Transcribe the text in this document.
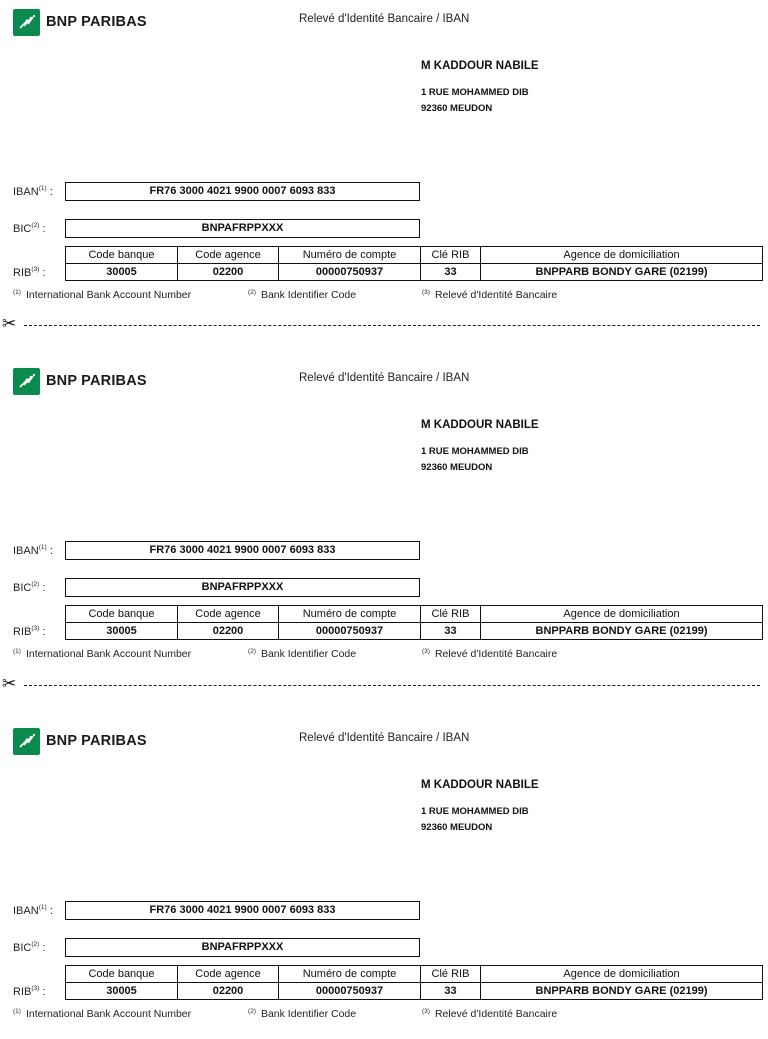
BNP PARIBAS	Relevé d'Identité Bancaire / IBAN
M KADDOUR NABILE
1 RUE MOHAMMED DIB
92360 MEUDON
IBAN$^{(1)}$ :	FR76 3000 4021 9900 0007 6093 833
BIC$^{(2)}$ :	BNPAFRPPXXX
RIB$^{(3)}$ :
Code banque	Code agence	Numéro de compte	Clé RIB	Agence de domiciliation
30005	02200	00000750937	33	BNPPARB BONDY GARE (02199)
$^{(1)}$ International Bank Account Number	$^{(2)}$ Bank Identifier Code	$^{(3)}$ Relevé d'Identité Bancaire
✂
BNP PARIBAS	Relevé d'Identité Bancaire / IBAN
M KADDOUR NABILE
1 RUE MOHAMMED DIB
92360 MEUDON
IBAN$^{(1)}$ :	FR76 3000 4021 9900 0007 6093 833
BIC$^{(2)}$ :	BNPAFRPPXXX
RIB$^{(3)}$ :
Code banque	Code agence	Numéro de compte	Clé RIB	Agence de domiciliation
30005	02200	00000750937	33	BNPPARB BONDY GARE (02199)
$^{(1)}$ International Bank Account Number	$^{(2)}$ Bank Identifier Code	$^{(3)}$ Relevé d'Identité Bancaire
✂
BNP PARIBAS	Relevé d'Identité Bancaire / IBAN
M KADDOUR NABILE
1 RUE MOHAMMED DIB
92360 MEUDON
IBAN$^{(1)}$ :	FR76 3000 4021 9900 0007 6093 833
BIC$^{(2)}$ :	BNPAFRPPXXX
RIB$^{(3)}$ :
Code banque	Code agence	Numéro de compte	Clé RIB	Agence de domiciliation
30005	02200	00000750937	33	BNPPARB BONDY GARE (02199)
$^{(1)}$ International Bank Account Number	$^{(2)}$ Bank Identifier Code	$^{(3)}$ Relevé d'Identité Bancaire
